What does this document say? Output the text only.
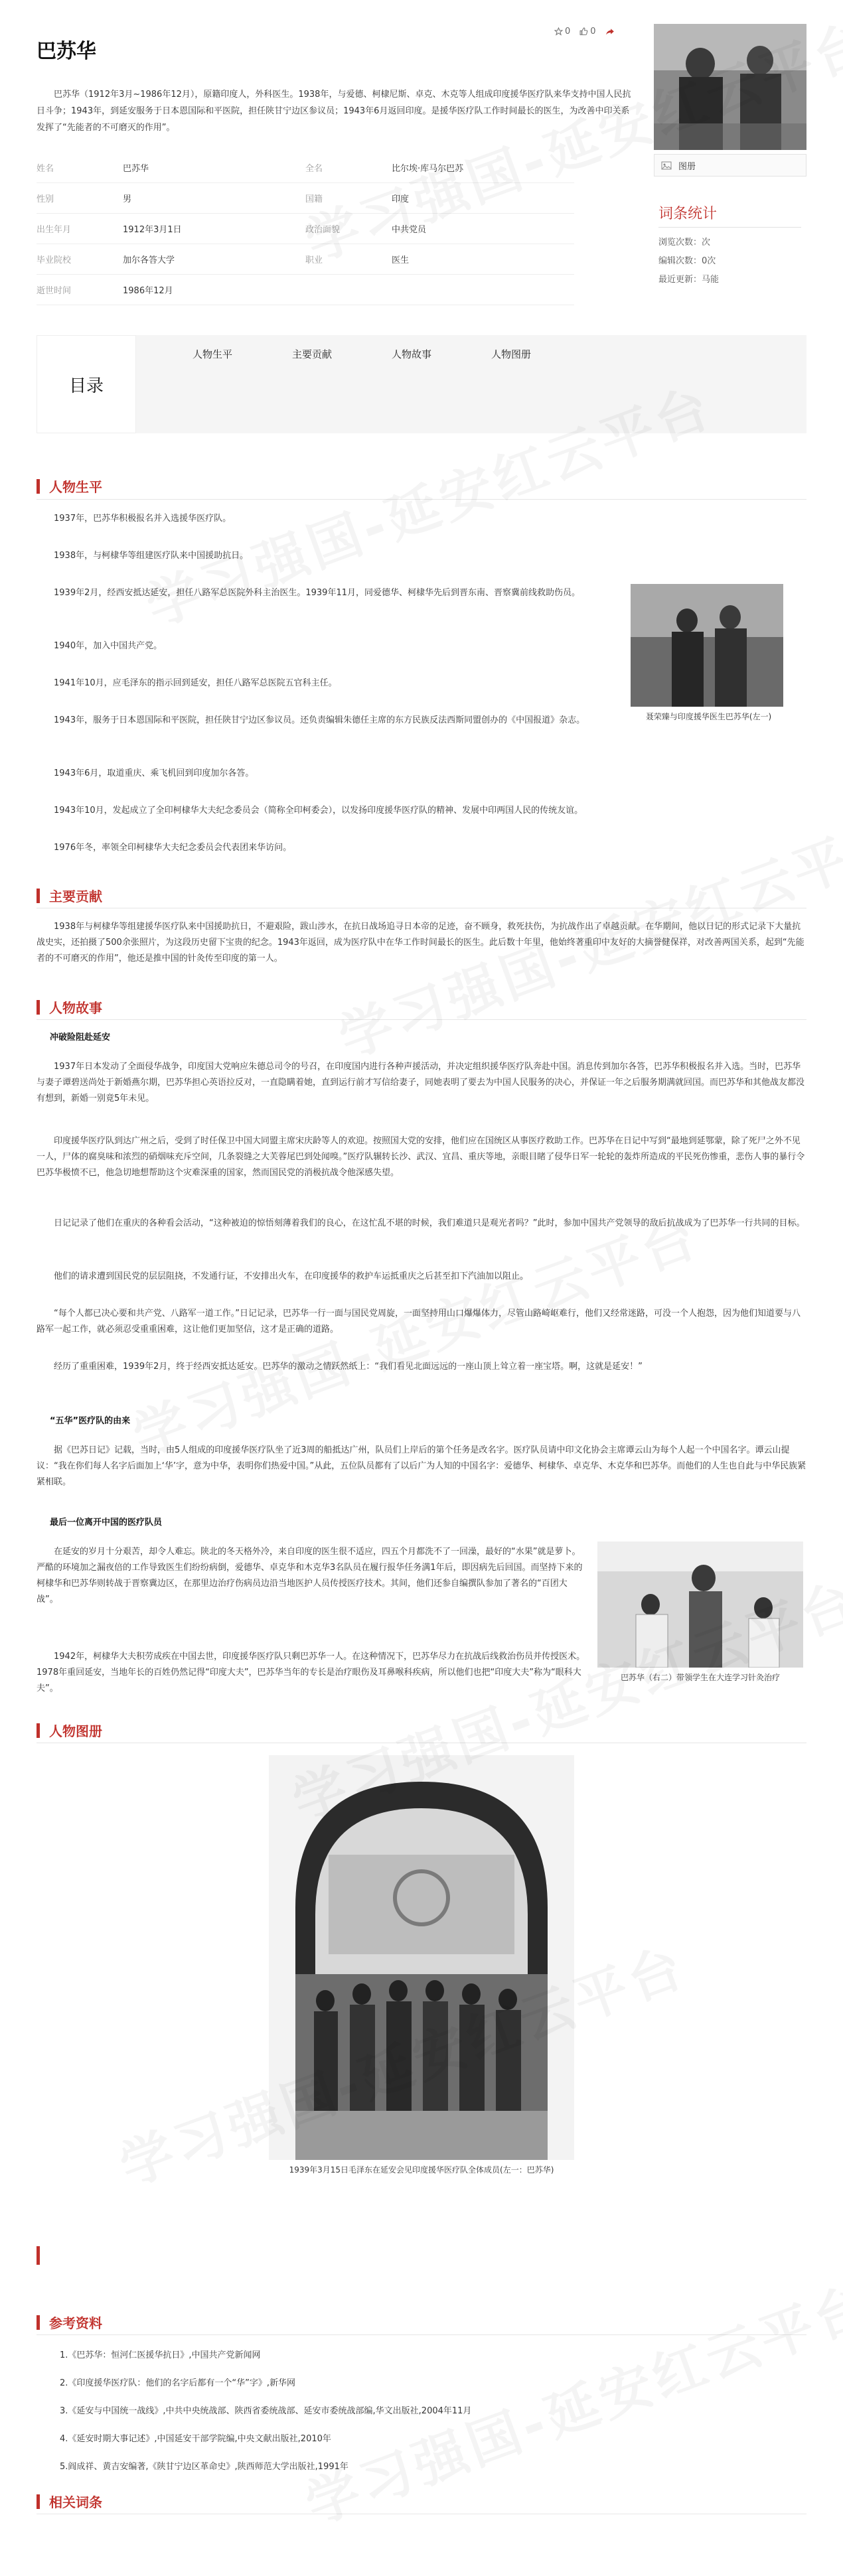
巴苏华
0 0
巴苏华（1912年3月~1986年12月），原籍印度人，外科医生。1938年，与爱德、柯棣尼斯、卓克、木克等人组成印度援华医疗队来华支持中国人民抗日斗争；1943年，到延安服务于日本恩国际和平医院，担任陕甘宁边区参议员；1943年6月返回印度。是援华医疗队工作时间最长的医生，为改善中印关系发挥了“先能者的不可磨灭的作用”。
图册
姓名	巴苏华	全名	比尔埃·库马尔巴苏
性别	男	国籍	印度
出生年月	1912年3月1日	政治面貌	中共党员
毕业院校	加尔各答大学	职业	医生
逝世时间	1986年12月
词条统计
浏览次数：次
编辑次数：0次
最近更新：马能
目录
人物生平	主要贡献	人物故事	人物图册
人物生平
1937年，巴苏华积极报名并入选援华医疗队。
1938年，与柯棣华等组建医疗队来中国援助抗日。
1939年2月，经西安抵达延安，担任八路军总医院外科主治医生。1939年11月，同爱德华、柯棣华先后到晋东南、晋察冀前线救助伤员。
1940年，加入中国共产党。
1941年10月，应毛泽东的指示回到延安，担任八路军总医院五官科主任。
1943年，服务于日本恩国际和平医院，担任陕甘宁边区参议员。还负责编辑朱德任主席的东方民族反法西斯同盟创办的《中国报道》杂志。
1943年6月，取道重庆、乘飞机回到印度加尔各答。
1943年10月，发起成立了全印柯棣华大夫纪念委员会（简称全印柯委会），以发扬印度援华医疗队的精神、发展中印两国人民的传统友谊。
1976年冬，率领全印柯棣华大夫纪念委员会代表团来华访问。
聂荣臻与印度援华医生巴苏华(左一)
主要贡献
1938年与柯棣华等组建援华医疗队来中国援助抗日，不避艰险，跋山涉水，在抗日战场追寻日本帝的足迹，奋不顾身，救死扶伤，为抗战作出了卓越贡献。在华期间，他以日记的形式记录下大量抗战史实，还拍摄了500余张照片，为这段历史留下宝贵的纪念。1943年返回，成为医疗队中在华工作时间最长的医生。此后数十年里，他始终著重印中友好的大摘誉健保祥，对改善两国关系，起到“先能者的不可磨灭的作用”，他还是推中国的针灸传至印度的第一人。
人物故事
冲破险阻赴延安
1937年日本发动了全面侵华战争，印度国大党响应朱德总司令的号召，在印度国内进行各种声援活动，并决定组织援华医疗队奔赴中国。消息传到加尔各答，巴苏华积极报名并入选。当时，巴苏华与妻子谭碧送尚处于新婚燕尔期，巴苏华担心英语拉反对，一直隐瞒着她，直到运行前才写信给妻子，同她表明了要去为中国人民服务的决心，并保证一年之后服务期满就回国。而巴苏华和其他战友都没有想到，新婚一别竟5年未见。
印度援华医疗队到达广州之后，受到了时任保卫中国大同盟主席宋庆龄等人的欢迎。按照国大党的安排，他们应在国统区从事医疗救助工作。巴苏华在日记中写到“最地到延鄂蒙，除了死尸之外不见一人，尸体的腐臭味和浓烈的硝烟味充斥空间，几条裂缝之大芙蓉尾巴到处闻嗅。”医疗队辗转长沙、武汉、宜昌、重庆等地，亲眼目睹了侵华日军一轮轮的轰炸所造成的平民死伤惨重，悲伤人事的暴行令巴苏华极愤不已，他急切地想帮助这个灾难深重的国家，然而国民党的消极抗战令他深感失望。
日记记录了他们在重庆的各种看会活动，“这种被迫的惊悟刻薄着我们的良心，在这忙乱不堪的时候，我们难道只是观光者吗？”此时，参加中国共产党领导的敌后抗战成为了巴苏华一行共同的目标。
他们的请求遭到国民党的层层阻挠，不发通行证，不安排出火车，在印度援华的救护车运抵重庆之后甚至扣下汽油加以阻止。
“每个人都已决心要和共产党、八路军一道工作。”日记记录，巴苏华一行一面与国民党周旋，一面坚持用山口爆爆体力，尽管山路崎岖难行，他们又经常迷路，可没一个人抱怨，因为他们知道要与八路军一起工作，就必须忍受重重困难，这让他们更加坚信，这才是正确的道路。
经历了重重困难，1939年2月，终于经西安抵达延安。巴苏华的激动之情跃然纸上：“我们看见北面远远的一座山顶上耸立着一座宝塔。啊，这就是延安！”
“五华”医疗队的由来
据《巴苏日记》记载，当时，由5人组成的印度援华医疗队坐了近3周的船抵达广州，队员们上岸后的第个任务是改名字。医疗队员请中印文化协会主席谭云山为每个人起一个中国名字。谭云山提议：“我在你们每人名字后面加上‘华’字，意为中华，表明你们热爱中国。”从此，五位队员都有了以后广为人知的中国名字：爱德华、柯棣华、卓克华、木克华和巴苏华。而他们的人生也自此与中华民族紧紧相联。
最后一位离开中国的医疗队员
在延安的岁月十分艰苦，却令人难忘。陕北的冬天格外冷，来自印度的医生很不适应，四五个月都洗不了一回澡，最好的“水果”就是萝卜。严酷的环境加之漏夜倍的工作导致医生们纷纷病倒，爱德华、卓克华和木克华3名队员在履行报华任务满1年后，即因病先后回国。而坚持下来的柯棣华和巴苏华则转战于晋察冀边区，在那里边治疗伤病员边沿当地医护人员传授医疗技术。其间，他们还参自编撰队参加了著名的“百团大战”。
1942年，柯棣华大夫积劳成疾在中国去世，印度援华医疗队只剩巴苏华一人。在这种情况下，巴苏华尽力在抗战后线救治伤员并传授医术。1978年重回延安，当地年长的百姓仍然记得“印度大夫”，巴苏华当年的专长是治疗眼伤及耳鼻喉科疾病，所以他们也把“印度大夫”称为“眼科大夫”。
巴苏华（右二）带领学生在大连学习针灸治疗
人物图册
1939年3月15日毛泽东在延安会见印度援华医疗队全体成员(左一：巴苏华)
参考资料
1.《巴苏华：恒河仁医援华抗日》,中国共产党新闻网
2.《印度援华医疗队：他们的名字后都有一个“华”字》,新华网
3.《延安与中国统一战线》,中共中央统战部、陕西省委统战部、延安市委统战部编,华文出版社,2004年11月
4.《延安时期大事记述》,中国延安干部学院编,中央文献出版社,2010年
5.阎成祥、黄吉安编著,《陕甘宁边区革命史》,陕西师范大学出版社,1991年
相关词条
